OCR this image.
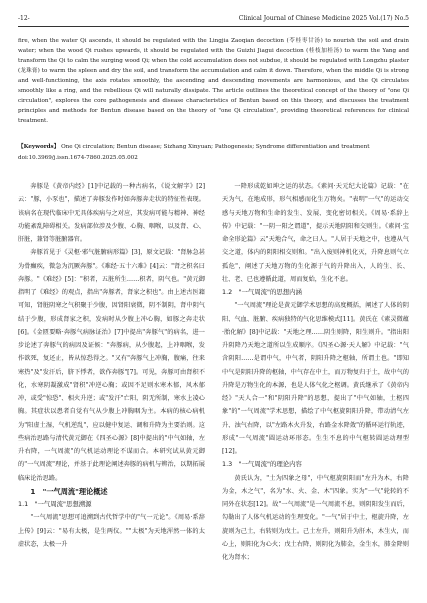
-12-	Clinical Journal of Chinese Medicine 2025 Vol.(17) No.5
fire, when the water Qi ascends, it should be regulated with the Lingjia Zaoqian decoction (苓桂枣甘汤) to nourish the soil and drain water; when the wood Qi rushes upwards, it should be regulated with the Guizhi Jiagui decoction (桂枝加桂汤) to warm the Yang and transform the Qi to calm the surging wood Qi; when the cold accumulation does not subdue, it should be regulated with Longzhu plaster (龙珠膏) to warm the spleen and dry the soil, and transform the accumulation and calm it down. Therefore, when the middle Qi is strong and well-functioning, the axis rotates smoothly, the ascending and descending movements are harmonious, and the Qi circulates smoothly like a ring, and the rebellious Qi will naturally dissipate. The article outlines the theoretical concept of the theory of "one Qi circulation", explores the core pathogenesis and disease characteristics of Bentun based on this theory, and discusses the treatment principles and methods for Bentun disease based on the theory of "one Qi circulation", providing theoretical references for clinical treatment.
【Keywords】 One Qi circulation; Bentun disease; Sizhang Xinyuan; Pathogenesis; Syndrome differentiation and treatment
doi:10.3969/j.issn.1674-7860.2025.05.002

奔豚是《黄帝内经》[1]中记载的一种古病名，《说文解字》[2]云："豚，小豕也"，描述了奔豚发作时如奔豚奔走状的特征性表现。该病名在现代临床中无具体疾病与之对应，其发病可能与精神、神经功能紊乱障碍相关。发病部位涉及少腹、心胸、咽喉，以及肾、心、肝脏，兼肾等脏腑器官。

奔豚首见于《灵枢·邪气脏腑病形篇》[3]，原文记载："肾脉急甚为骨癫疾，微急为沉厥奔豚"。《难经·五十六难》[4]云："肾之积名曰奔豚。"《难经》[5]："积者，五脏所生……积者，阴气也。"黄元御指明了《难经》的观点，指出"奔豚者，肾家之积也"。由上述古医籍可知，肾脏阴寒之气积聚于少腹，因肾阳衰微，阴不制阴，肾中阴气结于少腹，形成肾家之积，发病时从少腹上冲心胸，如豚之奔走状[6]。《金匮要略·奔豚气病脉证治》[7]中提出"奔豚气"的病名，进一步论述了奔豚气的病因及证候："奔豚病，从少腹起，上冲咽喉，发作欲死，复还止，皆从惊恐得之。"又有"奔豚气上冲胸，腹痛，往来寒热"及"发汗后，脐下悸者，欲作奔豚"[7]。可见，奔豚可由肾积不化，水寒阴凝激成"肾积"冲逆心胸；或因不足则水寒木郁，风木郁冲，或受"惊恐"、相火升逆；或"发汗"亡阳，阴无所制，寒水上凌心胸。其症状以患者自觉有气从少腹上冲胸咽为主。本病的核心病机为"阳虚土湿，气机逆乱"，应以健中复运、调和升降为主要治则。这些病治思路与清代黄元御在《四圣心源》[8]中提出的"中气如轴，左升右降，一气周流"的气机运动理论不谋而合。本研究试从黄元御的"一气周流"理论，并基于此理论阐述奔豚的病机与辨治，以期拓展临床论治思路。

1　"一气周流"理论概述

1.1　"一气周流"思想溯源

"一气周流"思想可追溯到古代哲学中的"气一元论"。《周易·系辞上传》[9]云："易有太极，是生两仪。""太极"为天地浑然一体的太虚状态，太极一升

一降形成乾如坤之运的状态。《素问·天元纪大论篇》记载："在天为气，在地成形，形气相感而化生万物矣。"表明"一气"的运动交感与天地万物和生命的发生、发展、变化密切相关。《周易·系辞上传》中记载："一阴一阳之谓道"，提示天地阴阳和交则生。《素问·宝命全形论篇》云"天地合气，命之曰人。"人居于天地之中，也遵从气交之道，体内的阴阳相交则和。"出入废则神机化灭，升降息则气立孤危"，阐述了天地万物的生化源于气的升降出入，人的生、长、壮、老、已也遵循此道，周而复始，生化不息。

1.2　"一气周流"的思想内涵

"一气周流"理论是黄元御学术思想的高度概括，阐述了人体的阴阳、气血、脏腑、疾病独特的气化思维模式[11]。黄氏在《素灵微蕴·胎化解》[8]中记载："天地之理……阴生则降，阳生则升。"指出阳升阴降乃天地之道所以生成顺序。《四圣心源·天人解》中记载："气含阴阳……是谓中气，中气者，阴阳升降之枢轴，所谓土也。"即知中气是阴阳升降的枢轴，中气存在中土，而万物复归于土，故中气的升降是万物生化的本源，也是人体气化之枢调。黄氏继承了《黄帝内经》"天人合一"和"阴阳升降"的思想，提出了"中气如轴，土枢四象"的"一气周流"学术思想，描绘了中气枢旋阴阳升降，带动清气左升、浊气右降，以"左路木火升发，右路金水降敛"的循环运行轨迹，形成"一气周流"圆运动环形态。生生不息的中气枢转圆运动理型[12]。

1.3　"一气周流"的理论内容

黄氏认为，"土为四象之母"，中气枢旋阴阳而"左升为木，右降为金，木之气"，名为"水、火、金、木"四象。实为"一气"轮转的不同外在状态[12]。故"一气周流"是一气周流不息，则阴阳发生而后，勾勒出了人体气机运动的生理变化。"一气"居于中土，枢旋升降，左旋则为己土，右转则为戊土。己土左升，则阳升为肝木，木生火，而心上，则阳化为心火；戊土右降，则阴化为肺金，金生水，肺金降则化为肾水；
